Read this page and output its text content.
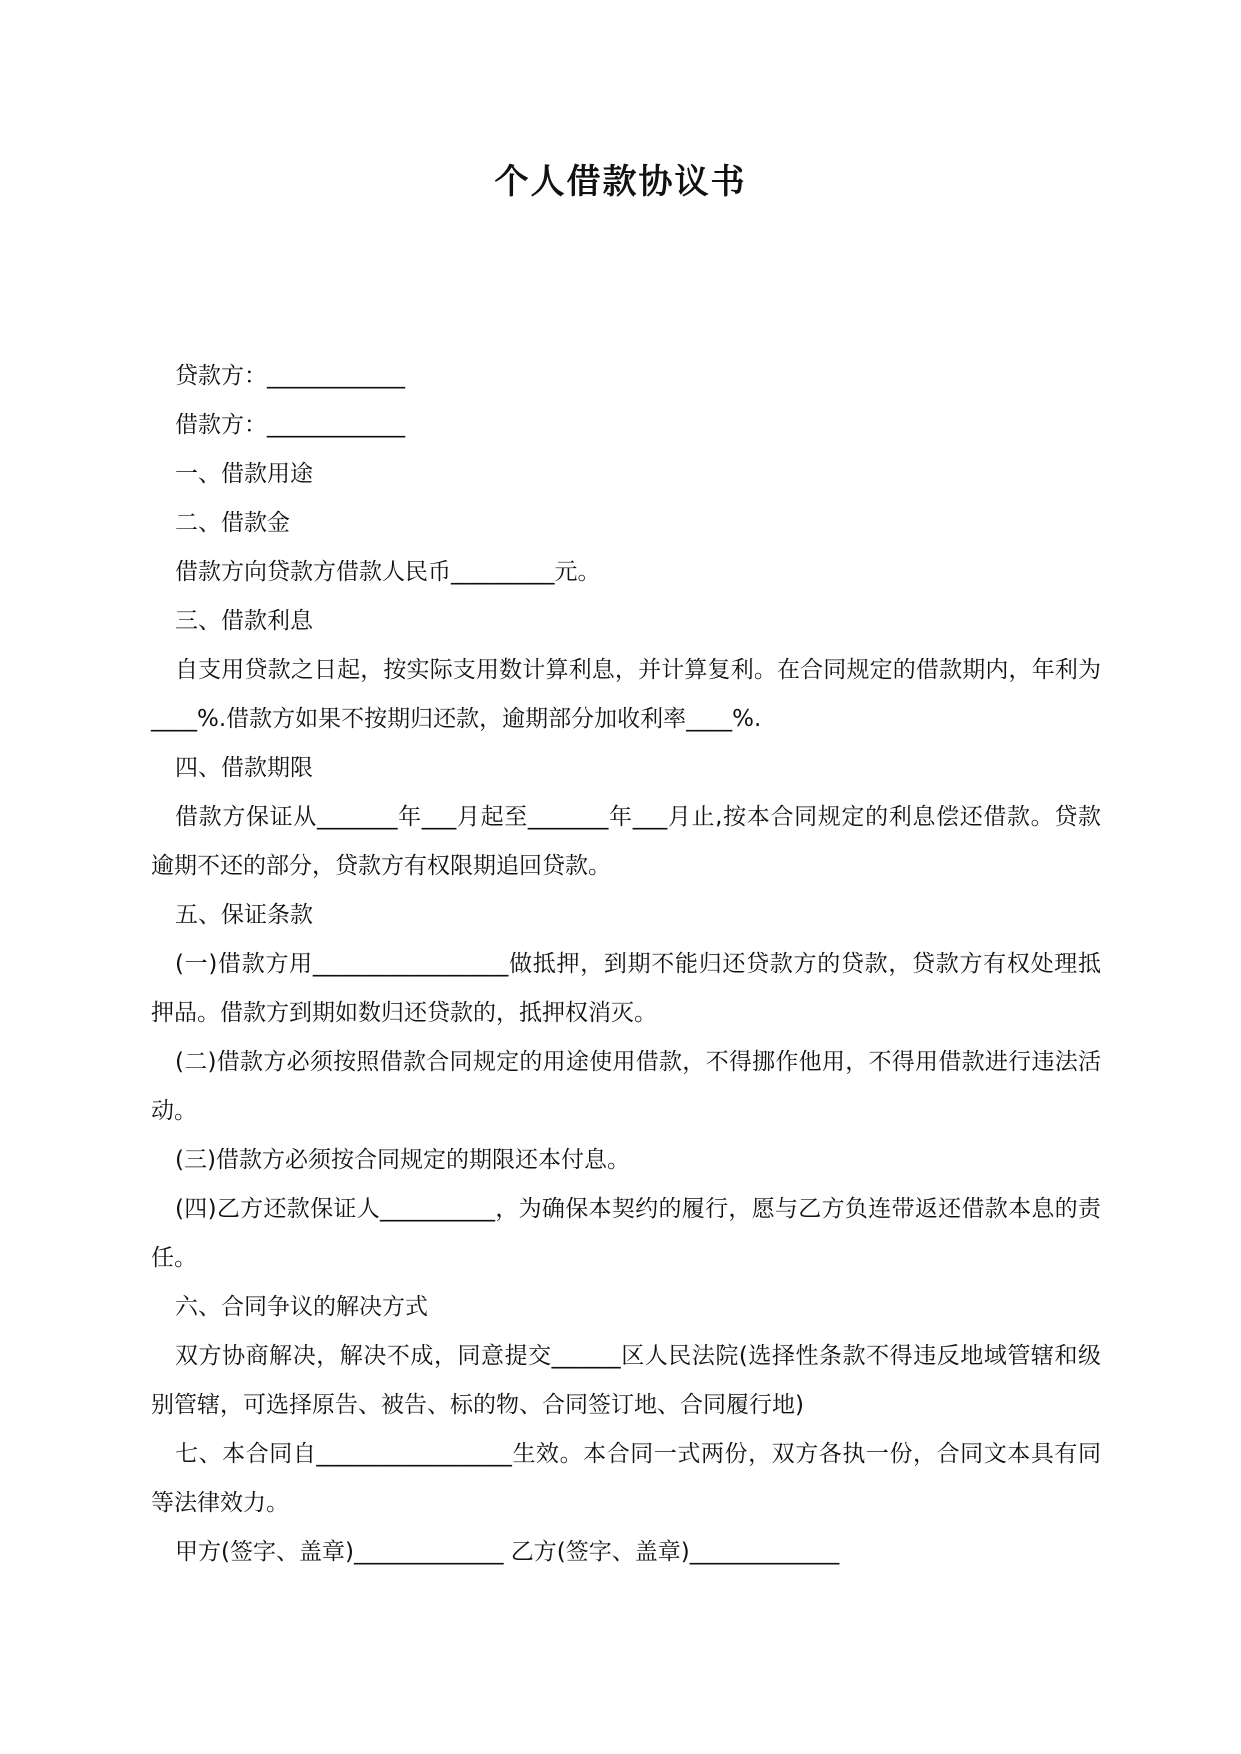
个人借款协议书

贷款方：____________

借款方：____________

一、借款用途

二、借款金

借款方向贷款方借款人民币_________元。

三、借款利息

自支用贷款之日起，按实际支用数计算利息，并计算复利。在合同规定的借款期内，年利为____%.借款方如果不按期归还款，逾期部分加收利率____%.

四、借款期限

借款方保证从_______年___月起至_______年___月止,按本合同规定的利息偿还借款。贷款逾期不还的部分，贷款方有权限期追回贷款。

五、保证条款

(一)借款方用_________________做抵押，到期不能归还贷款方的贷款，贷款方有权处理抵押品。借款方到期如数归还贷款的，抵押权消灭。

(二)借款方必须按照借款合同规定的用途使用借款，不得挪作他用，不得用借款进行违法活动。

(三)借款方必须按合同规定的期限还本付息。

(四)乙方还款保证人__________，为确保本契约的履行，愿与乙方负连带返还借款本息的责任。

六、合同争议的解决方式

双方协商解决，解决不成，同意提交______区人民法院(选择性条款不得违反地域管辖和级别管辖，可选择原告、被告、标的物、合同签订地、合同履行地)

七、本合同自_________________生效。本合同一式两份，双方各执一份，合同文本具有同等法律效力。

甲方(签字、盖章)_____________ 乙方(签字、盖章)_____________
